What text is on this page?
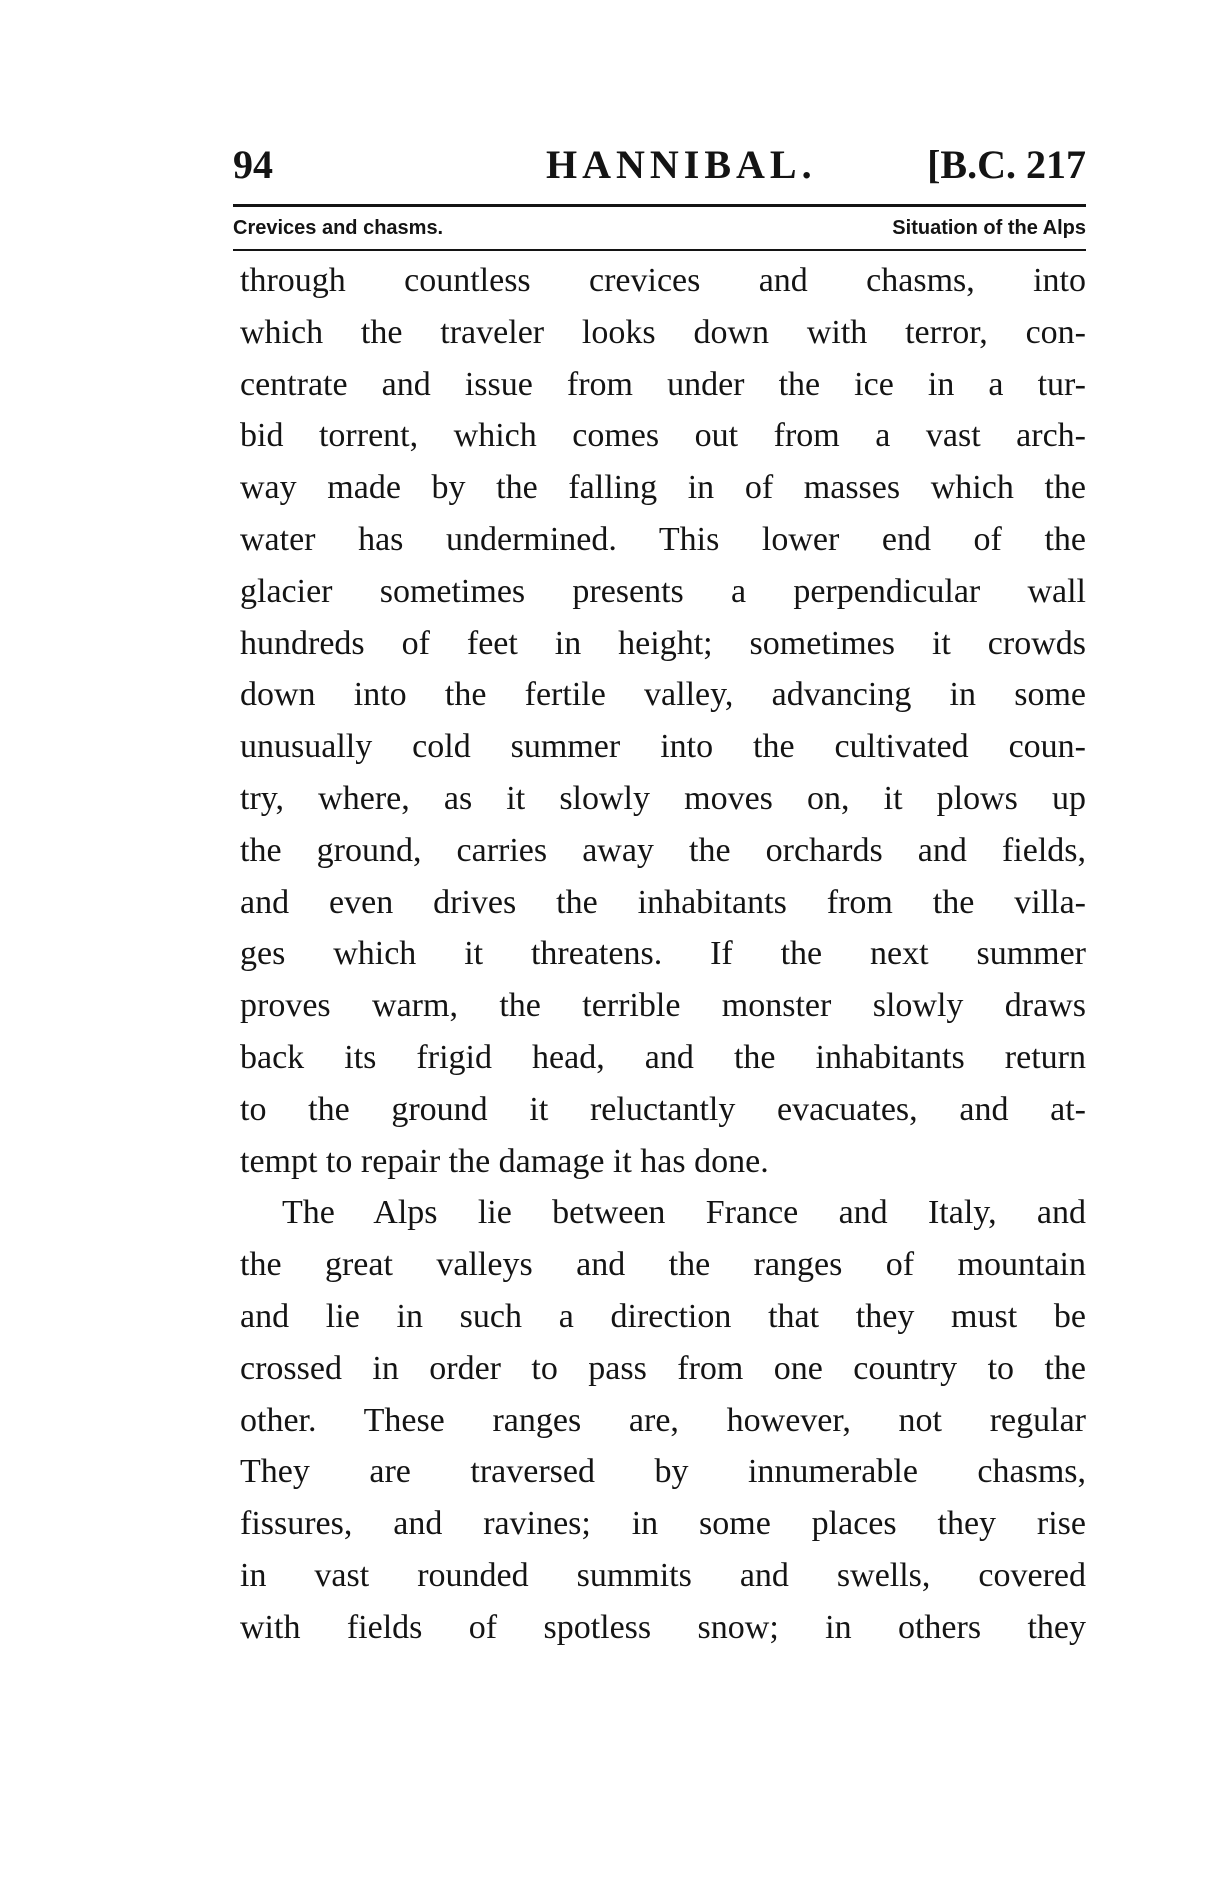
94	HANNIBAL.	[B.C. 217
Crevices and chasms.	Situation of the Alps
through countless crevices and chasms, into
which the traveler looks down with terror, con-
centrate and issue from under the ice in a tur-
bid torrent, which comes out from a vast arch-
way made by the falling in of masses which the
water has undermined. This lower end of the
glacier sometimes presents a perpendicular wall
hundreds of feet in height; sometimes it crowds
down into the fertile valley, advancing in some
unusually cold summer into the cultivated coun-
try, where, as it slowly moves on, it plows up
the ground, carries away the orchards and fields,
and even drives the inhabitants from the villa-
ges which it threatens. If the next summer
proves warm, the terrible monster slowly draws
back its frigid head, and the inhabitants return
to the ground it reluctantly evacuates, and at-
tempt to repair the damage it has done.
The Alps lie between France and Italy, and
the great valleys and the ranges of mountain
and lie in such a direction that they must be
crossed in order to pass from one country to the
other. These ranges are, however, not regular
They are traversed by innumerable chasms,
fissures, and ravines; in some places they rise
in vast rounded summits and swells, covered
with fields of spotless snow; in others they
